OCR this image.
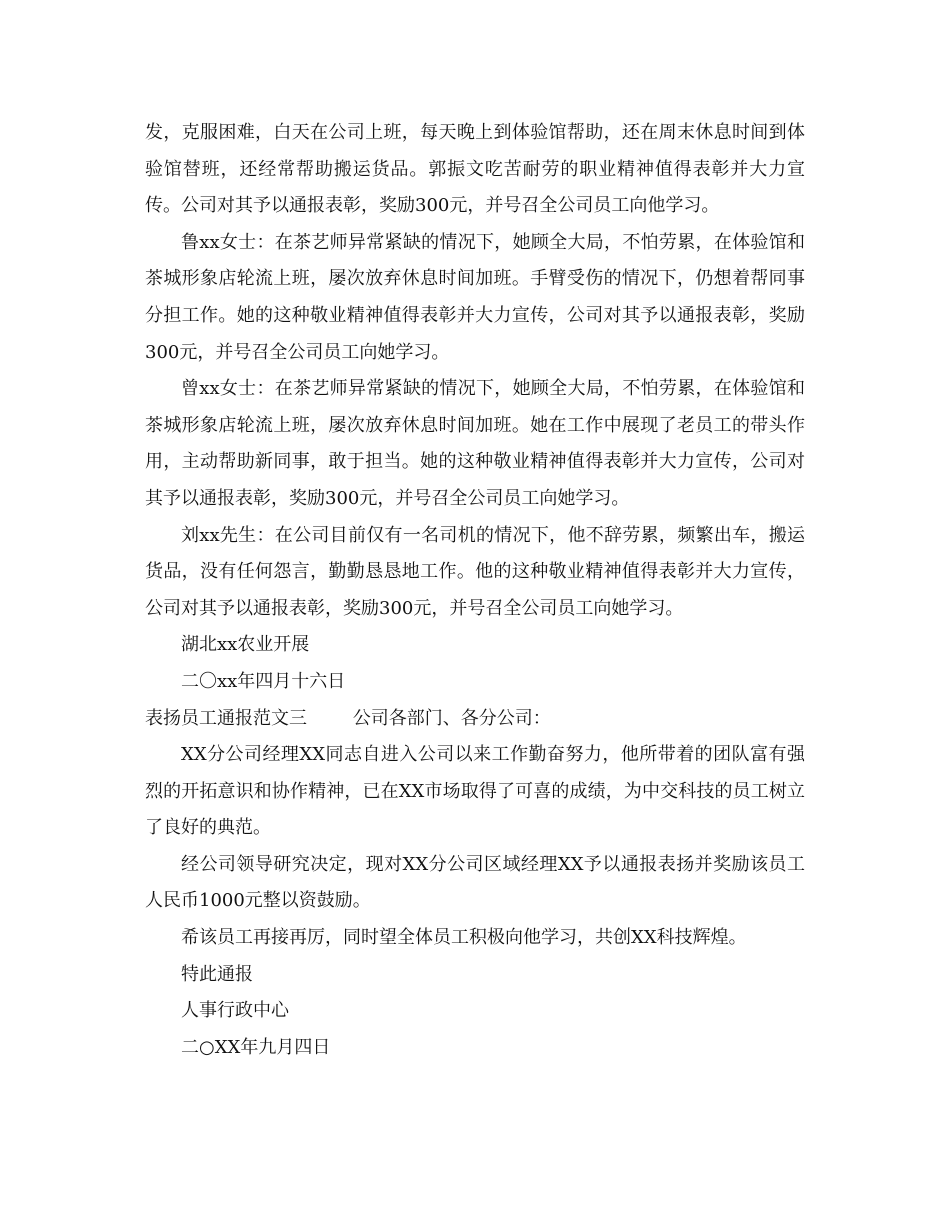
发，克服困难，白天在公司上班，每天晚上到体验馆帮助，还在周末休息时间到体验馆替班，还经常帮助搬运货品。郭振文吃苦耐劳的职业精神值得表彰并大力宣传。公司对其予以通报表彰，奖励300元，并号召全公司员工向他学习。

鲁xx女士：在茶艺师异常紧缺的情况下，她顾全大局，不怕劳累，在体验馆和茶城形象店轮流上班，屡次放弃休息时间加班。手臂受伤的情况下，仍想着帮同事分担工作。她的这种敬业精神值得表彰并大力宣传，公司对其予以通报表彰，奖励300元，并号召全公司员工向她学习。

曾xx女士：在茶艺师异常紧缺的情况下，她顾全大局，不怕劳累，在体验馆和茶城形象店轮流上班，屡次放弃休息时间加班。她在工作中展现了老员工的带头作用，主动帮助新同事，敢于担当。她的这种敬业精神值得表彰并大力宣传，公司对其予以通报表彰，奖励300元，并号召全公司员工向她学习。

刘xx先生：在公司目前仅有一名司机的情况下，他不辞劳累，频繁出车，搬运货品，没有任何怨言，勤勤恳恳地工作。他的这种敬业精神值得表彰并大力宣传，公司对其予以通报表彰，奖励300元，并号召全公司员工向她学习。

湖北xx农业开展

二〇xx年四月十六日

表扬员工通报范文三	公司各部门、各分公司：

XX分公司经理XX同志自进入公司以来工作勤奋努力，他所带着的团队富有强烈的开拓意识和协作精神，已在XX市场取得了可喜的成绩，为中交科技的员工树立了良好的典范。

经公司领导研究决定，现对XX分公司区域经理XX予以通报表扬并奖励该员工人民币1000元整以资鼓励。

希该员工再接再厉，同时望全体员工积极向他学习，共创XX科技辉煌。

特此通报

人事行政中心

二○XX年九月四日
